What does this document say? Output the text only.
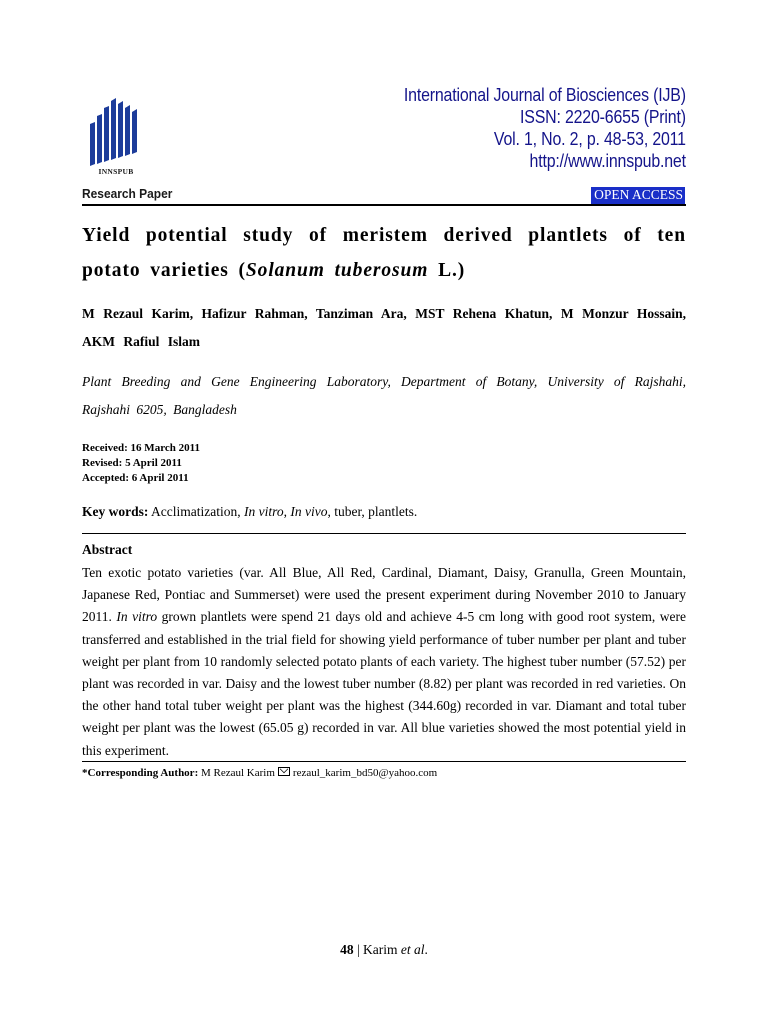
INNSPUB
International Journal of Biosciences (IJB)
ISSN: 2220-6655 (Print)
Vol. 1, No. 2, p. 48-53, 2011
http://www.innspub.net
Research Paper	OPEN ACCESS
Yield potential study of meristem derived plantlets of ten potato varieties (Solanum tuberosum L.)
M Rezaul Karim, Hafizur Rahman, Tanziman Ara, MST Rehena Khatun, M Monzur Hossain, AKM Rafiul Islam
Plant Breeding and Gene Engineering Laboratory, Department of Botany, University of Rajshahi, Rajshahi 6205, Bangladesh
Received: 16 March 2011
Revised: 5 April 2011
Accepted: 6 April 2011
Key words: Acclimatization, In vitro, In vivo, tuber, plantlets.
Abstract
Ten exotic potato varieties (var. All Blue, All Red, Cardinal, Diamant, Daisy, Granulla, Green Mountain, Japanese Red, Pontiac and Summerset) were used the present experiment during November 2010 to January 2011. In vitro grown plantlets were spend 21 days old and achieve 4-5 cm long with good root system, were transferred and established in the trial field for showing yield performance of tuber number per plant and tuber weight per plant from 10 randomly selected potato plants of each variety. The highest tuber number (57.52) per plant was recorded in var. Daisy and the lowest tuber number (8.82) per plant was recorded in red varieties. On the other hand total tuber weight per plant was the highest (344.60g) recorded in var. Diamant and total tuber weight per plant was the lowest (65.05 g) recorded in var. All blue varieties showed the most potential yield in this experiment.
*Corresponding Author: M Rezaul Karim rezaul_karim_bd50@yahoo.com
48 | Karim et al.
